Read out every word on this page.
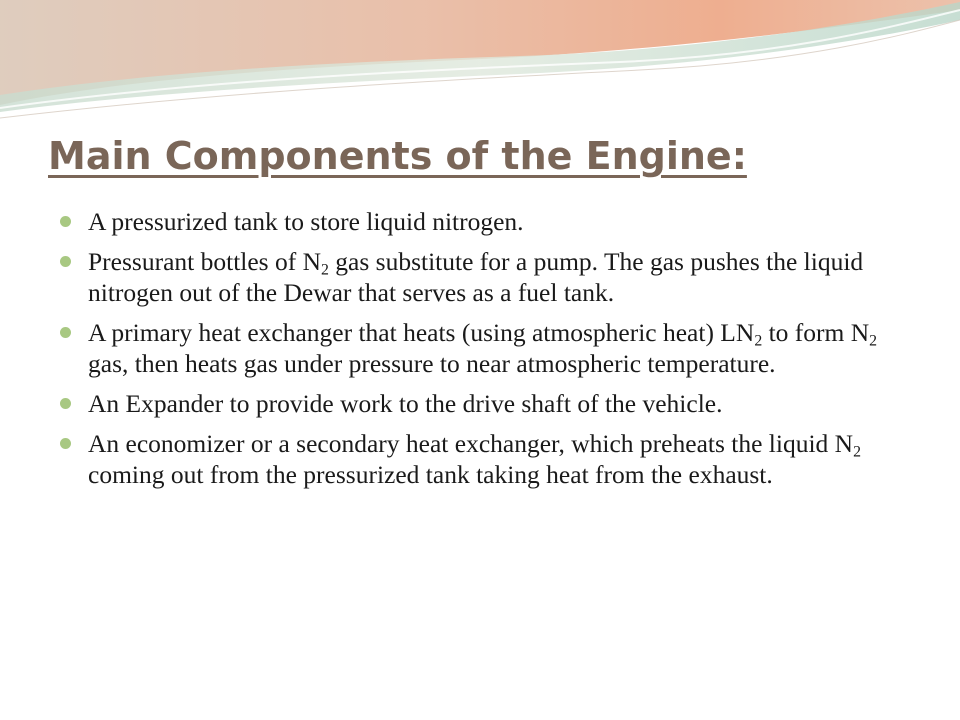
Main Components of the Engine:
A pressurized tank to store liquid nitrogen.
Pressurant bottles of $N_2$ gas substitute for a pump. The gas pushes the liquid nitrogen out of the Dewar that serves as a fuel tank.
A primary heat exchanger that heats (using atmospheric heat) $LN_2$ to form $N_2$ gas, then heats gas under pressure to near atmospheric temperature.
An Expander to provide work to the drive shaft of the vehicle.
An economizer or a secondary heat exchanger, which preheats the liquid $N_2$ coming out from the pressurized tank taking heat from the exhaust.
